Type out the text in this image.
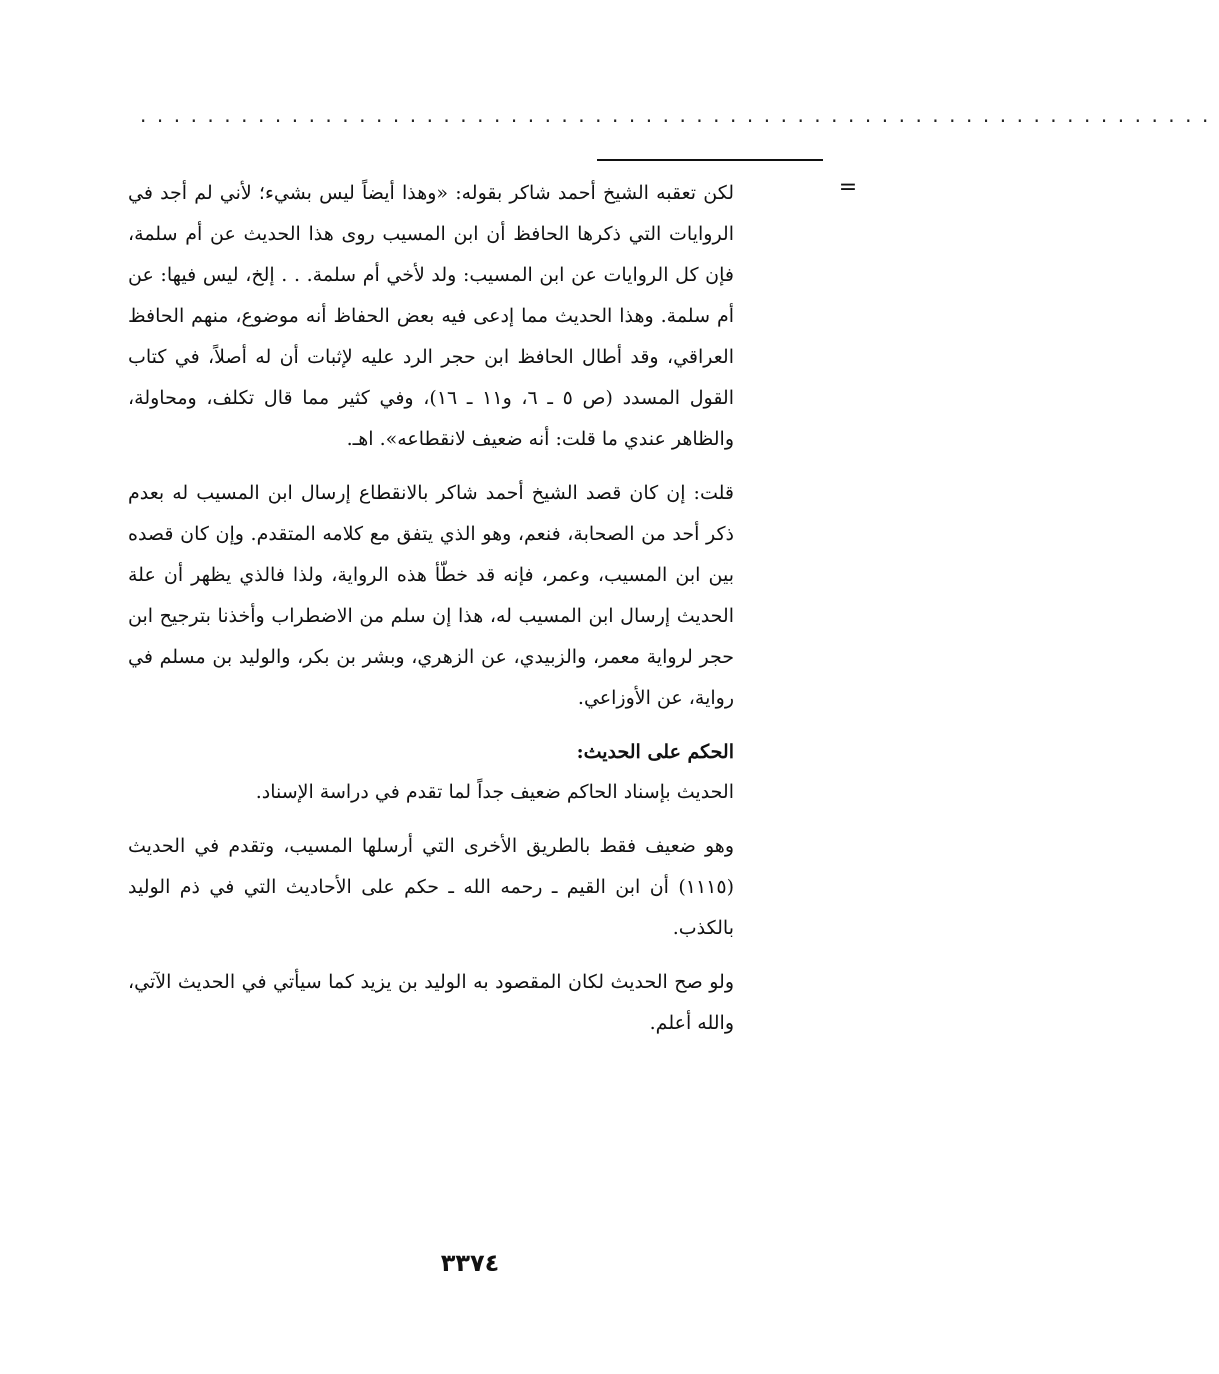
................................................................
=

لكن تعقبه الشيخ أحمد شاكر بقوله: «وهذا أيضاً ليس بشيء؛ لأني لم أجد في الروايات التي ذكرها الحافظ أن ابن المسيب روى هذا الحديث عن أم سلمة، فإن كل الروايات عن ابن المسيب: ولد لأخي أم سلمة. . . إلخ، ليس فيها: عن أم سلمة. وهذا الحديث مما إدعى فيه بعض الحفاظ أنه موضوع، منهم الحافظ العراقي، وقد أطال الحافظ ابن حجر الرد عليه لإثبات أن له أصلاً، في كتاب القول المسدد (ص ٥ ـ ٦، و١١ ـ ١٦)، وفي كثير مما قال تكلف، ومحاولة، والظاهر عندي ما قلت: أنه ضعيف لانقطاعه». اهـ.

قلت: إن كان قصد الشيخ أحمد شاكر بالانقطاع إرسال ابن المسيب له بعدم ذكر أحد من الصحابة، فنعم، وهو الذي يتفق مع كلامه المتقدم. وإن كان قصده بين ابن المسيب، وعمر، فإنه قد خطّأ هذه الرواية، ولذا فالذي يظهر أن علة الحديث إرسال ابن المسيب له، هذا إن سلم من الاضطراب وأخذنا بترجيح ابن حجر لرواية معمر، والزبيدي، عن الزهري، وبشر بن بكر، والوليد بن مسلم في رواية، عن الأوزاعي.

الحكم على الحديث:

الحديث بإسناد الحاكم ضعيف جداً لما تقدم في دراسة الإسناد.

وهو ضعيف فقط بالطريق الأخرى التي أرسلها المسيب، وتقدم في الحديث (١١١٥) أن ابن القيم ـ رحمه الله ـ حكم على الأحاديث التي في ذم الوليد بالكذب.

ولو صح الحديث لكان المقصود به الوليد بن يزيد كما سيأتي في الحديث الآتي، والله أعلم.

٣٣٧٤
